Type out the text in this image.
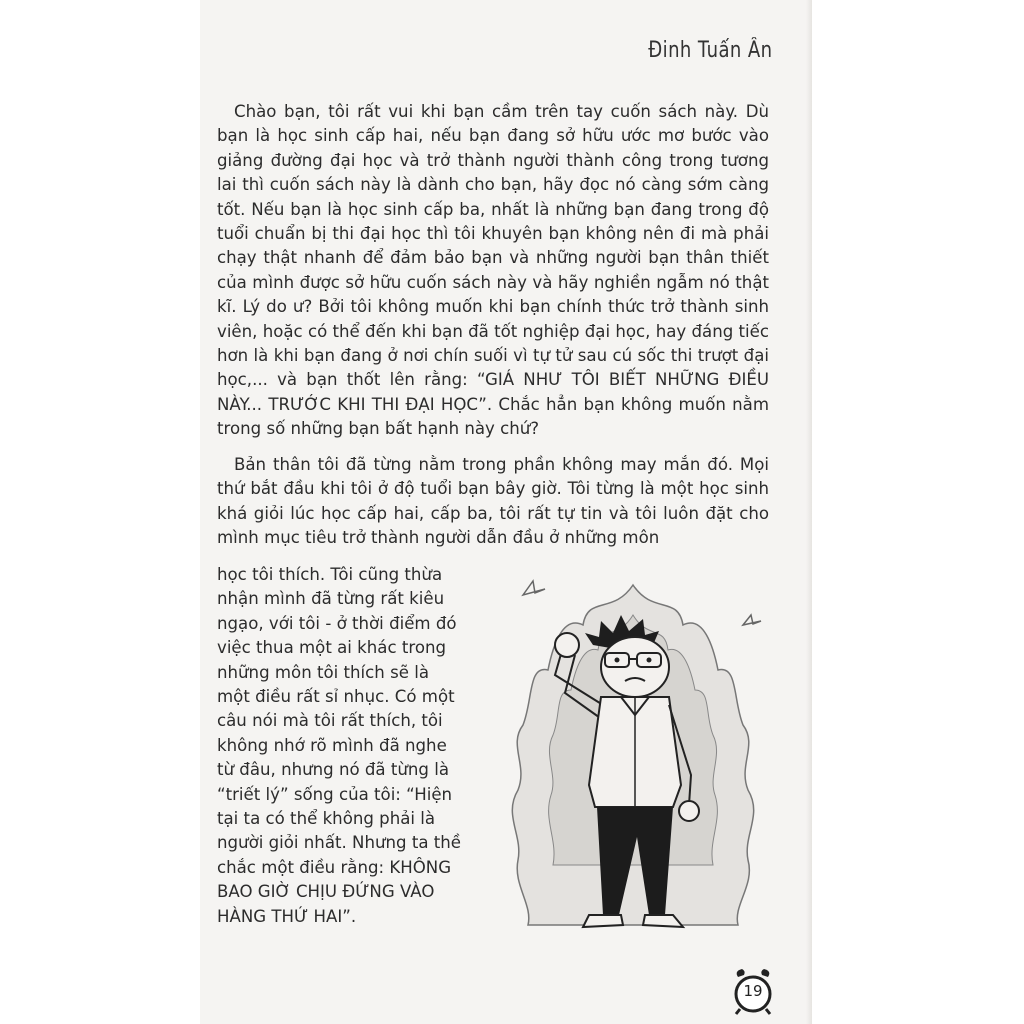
Đinh Tuấn Ân

Chào bạn, tôi rất vui khi bạn cầm trên tay cuốn sách này. Dù bạn là học sinh cấp hai, nếu bạn đang sở hữu ước mơ bước vào giảng đường đại học và trở thành người thành công trong tương lai thì cuốn sách này là dành cho bạn, hãy đọc nó càng sớm càng tốt. Nếu bạn là học sinh cấp ba, nhất là những bạn đang trong độ tuổi chuẩn bị thi đại học thì tôi khuyên bạn không nên đi mà phải chạy thật nhanh để đảm bảo bạn và những người bạn thân thiết của mình được sở hữu cuốn sách này và hãy nghiền ngẫm nó thật kĩ. Lý do ư? Bởi tôi không muốn khi bạn chính thức trở thành sinh viên, hoặc có thể đến khi bạn đã tốt nghiệp đại học, hay đáng tiếc hơn là khi bạn đang ở nơi chín suối vì tự tử sau cú sốc thi trượt đại học,... và bạn thốt lên rằng: “GIÁ NHƯ TÔI BIẾT NHỮNG ĐIỀU NÀY... TRƯỚC KHI THI ĐẠI HỌC”. Chắc hẳn bạn không muốn nằm trong số những bạn bất hạnh này chứ?

Bản thân tôi đã từng nằm trong phần không may mắn đó. Mọi thứ bắt đầu khi tôi ở độ tuổi bạn bây giờ. Tôi từng là một học sinh khá giỏi lúc học cấp hai, cấp ba, tôi rất tự tin và tôi luôn đặt cho mình mục tiêu trở thành người dẫn đầu ở những môn

học tôi thích. Tôi cũng thừa
nhận mình đã từng rất kiêu
ngạo, với tôi - ở thời điểm đó
việc thua một ai khác trong
những môn tôi thích sẽ là
một điều rất sỉ nhục. Có một
câu nói mà tôi rất thích, tôi
không nhớ rõ mình đã nghe
từ đâu, nhưng nó đã từng là
“triết lý” sống của tôi: “Hiện
tại ta có thể không phải là
người giỏi nhất. Nhưng ta thề
chắc một điều rằng: KHÔNG
BAO GIỜ CHỊU ĐỨNG VÀO
HÀNG THỨ HAI”.
19
